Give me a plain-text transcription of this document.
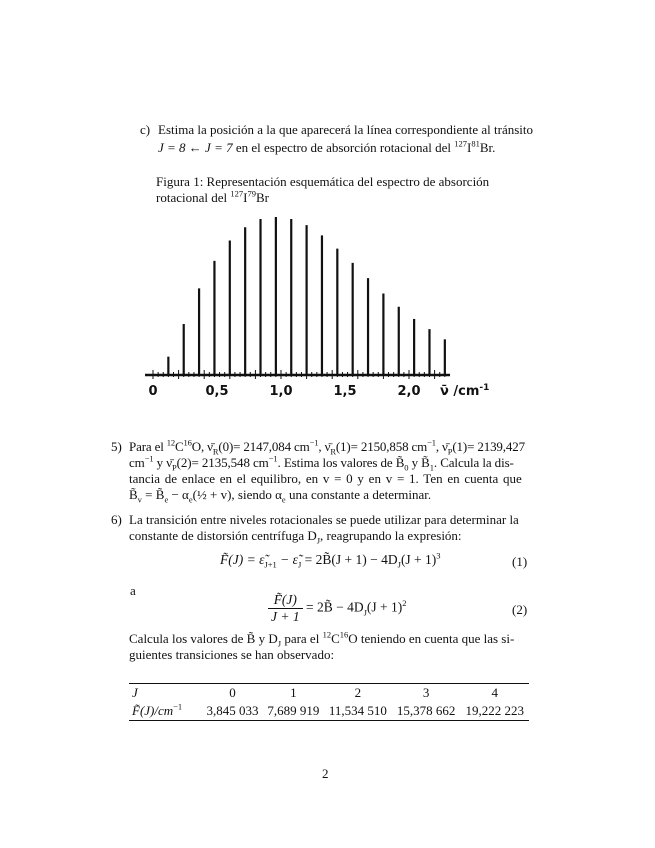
c) Estima la posición a la que aparecerá la línea correspondiente al tránsito
J = 8 ← J = 7 en el espectro de absorción rotacional del $^{127}I^{81}Br$.
Figura 1: Representación esquemática del espectro de absorción
rotacional del $^{127}I^{79}Br$
0	0,5	1,0	1,5	2,0 ν̄ $/cm^{-1}$
5) Para el $^{12}C^{16}O$, $\nū_R(0)= 2147,084$ $cm^{-1}$, $\nū_R(1)= 2150,858$ $cm^{-1}$, $\nū_P(1)= 2139,427$
$cm^{-1}$ y $\nū_P(2)= 2135,548$ $cm^{-1}$. Estima los valores de $B̃_0$ y $B̃_1$. Calcula la dis-
tancia de enlace en el equilibro, en v = 0 y en v = 1. Ten en cuenta que
$B̃_v$ = $B̃_e$ − $\alpha_e(\frac{1}{2} + v)$, siendo $\alpha_e$ una constante a determinar.
6) La transición entre niveles rotacionales se puede utilizar para determinar la
constante de distorsión centrífuga $D_J$, reagrupando la expresión:
F̃(J) = $\varepsiloñ_{J+1}$ − $\varepsiloñ_J$ = 2B̃(J + $1) - 4D_J(J + 1)^3$	(1)
a
$\frac{F̃(J)}{J + 1}$ = 2B̃ − $4D_J(J + 1)^2$	(2)
Calcula los valores de B̃ y $D_J$ para el $^{12}C^{16}O$ teniendo en cuenta que las si-
guientes transiciones se han observado:
J	0	1	2	3	4
$F̃(J)/cm^{-1}$	3,845 033	7,689 919	11,534 510	15,378 662	19,222 223
2
